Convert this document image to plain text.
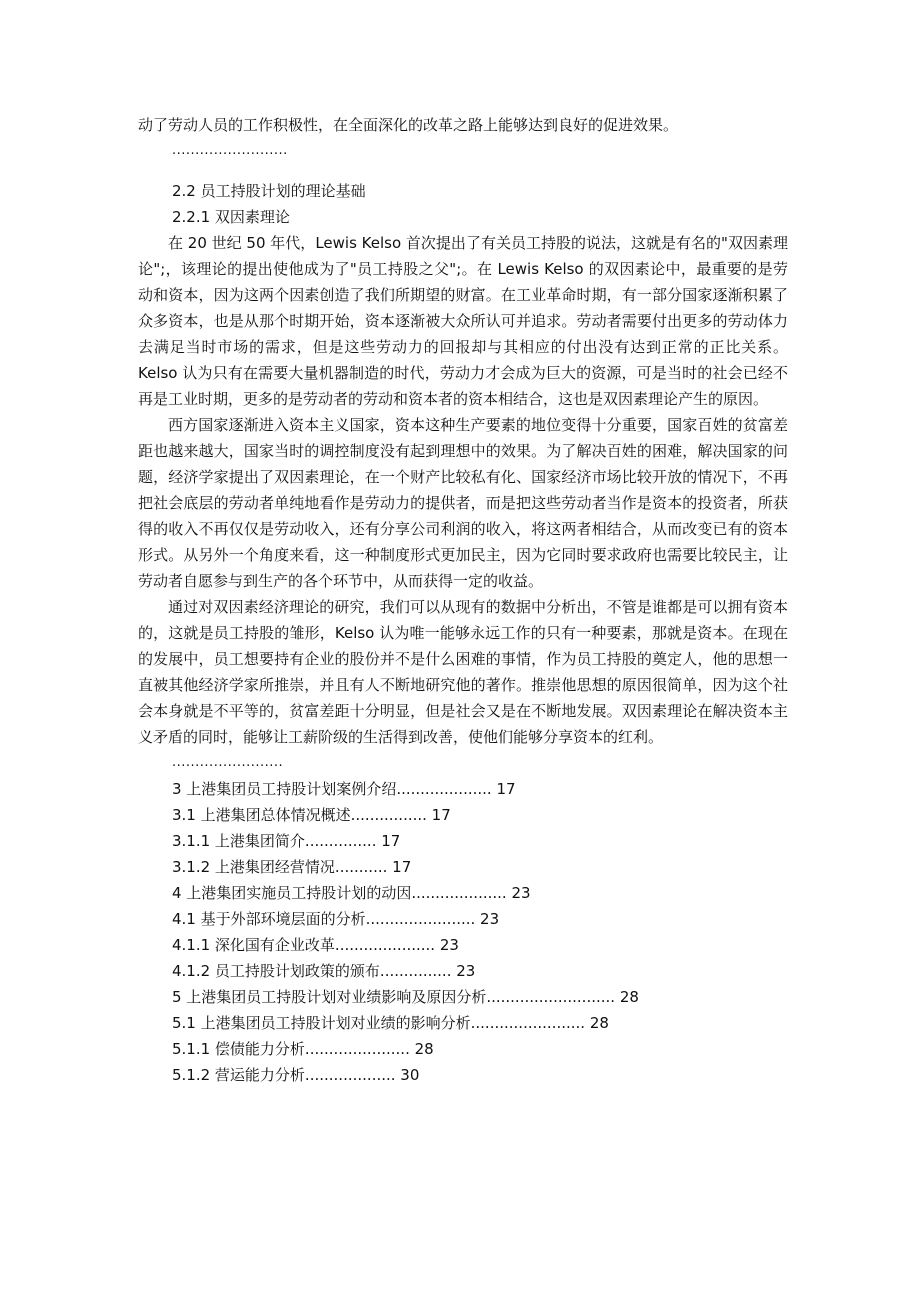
动了劳动人员的工作积极性，在全面深化的改革之路上能够达到良好的促进效果。
.........................
2.2 员工持股计划的理论基础
2.2.1 双因素理论

在 20 世纪 50 年代，Lewis Kelso 首次提出了有关员工持股的说法，这就是有名的"双因素理论";，该理论的提出使他成为了"员工持股之父";。在 Lewis Kelso 的双因素论中，最重要的是劳动和资本，因为这两个因素创造了我们所期望的财富。在工业革命时期，有一部分国家逐渐积累了众多资本，也是从那个时期开始，资本逐渐被大众所认可并追求。劳动者需要付出更多的劳动体力去满足当时市场的需求，但是这些劳动力的回报却与其相应的付出没有达到正常的正比关系。Kelso 认为只有在需要大量机器制造的时代，劳动力才会成为巨大的资源，可是当时的社会已经不再是工业时期，更多的是劳动者的劳动和资本者的资本相结合，这也是双因素理论产生的原因。

西方国家逐渐进入资本主义国家，资本这种生产要素的地位变得十分重要，国家百姓的贫富差距也越来越大，国家当时的调控制度没有起到理想中的效果。为了解决百姓的困难，解决国家的问题，经济学家提出了双因素理论，在一个财产比较私有化、国家经济市场比较开放的情况下，不再把社会底层的劳动者单纯地看作是劳动力的提供者，而是把这些劳动者当作是资本的投资者，所获得的收入不再仅仅是劳动收入，还有分享公司利润的收入，将这两者相结合，从而改变已有的资本形式。从另外一个角度来看，这一种制度形式更加民主，因为它同时要求政府也需要比较民主，让劳动者自愿参与到生产的各个环节中，从而获得一定的收益。

通过对双因素经济理论的研究，我们可以从现有的数据中分析出，不管是谁都是可以拥有资本的，这就是员工持股的雏形，Kelso 认为唯一能够永远工作的只有一种要素，那就是资本。在现在的发展中，员工想要持有企业的股份并不是什么困难的事情，作为员工持股的奠定人，他的思想一直被其他经济学家所推崇，并且有人不断地研究他的著作。推崇他思想的原因很简单，因为这个社会本身就是不平等的，贫富差距十分明显，但是社会又是在不断地发展。双因素理论在解决资本主义矛盾的同时，能够让工薪阶级的生活得到改善，使他们能够分享资本的红利。

........................
3 上港集团员工持股计划案例介绍.................... 17
3.1 上港集团总体情况概述................ 17
3.1.1 上港集团简介............... 17
3.1.2 上港集团经营情况........... 17
4 上港集团实施员工持股计划的动因.................... 23
4.1 基于外部环境层面的分析....................... 23
4.1.1 深化国有企业改革..................... 23
4.1.2 员工持股计划政策的颁布............... 23
5 上港集团员工持股计划对业绩影响及原因分析........................... 28
5.1 上港集团员工持股计划对业绩的影响分析........................ 28
5.1.1 偿债能力分析...................... 28
5.1.2 营运能力分析................... 30
